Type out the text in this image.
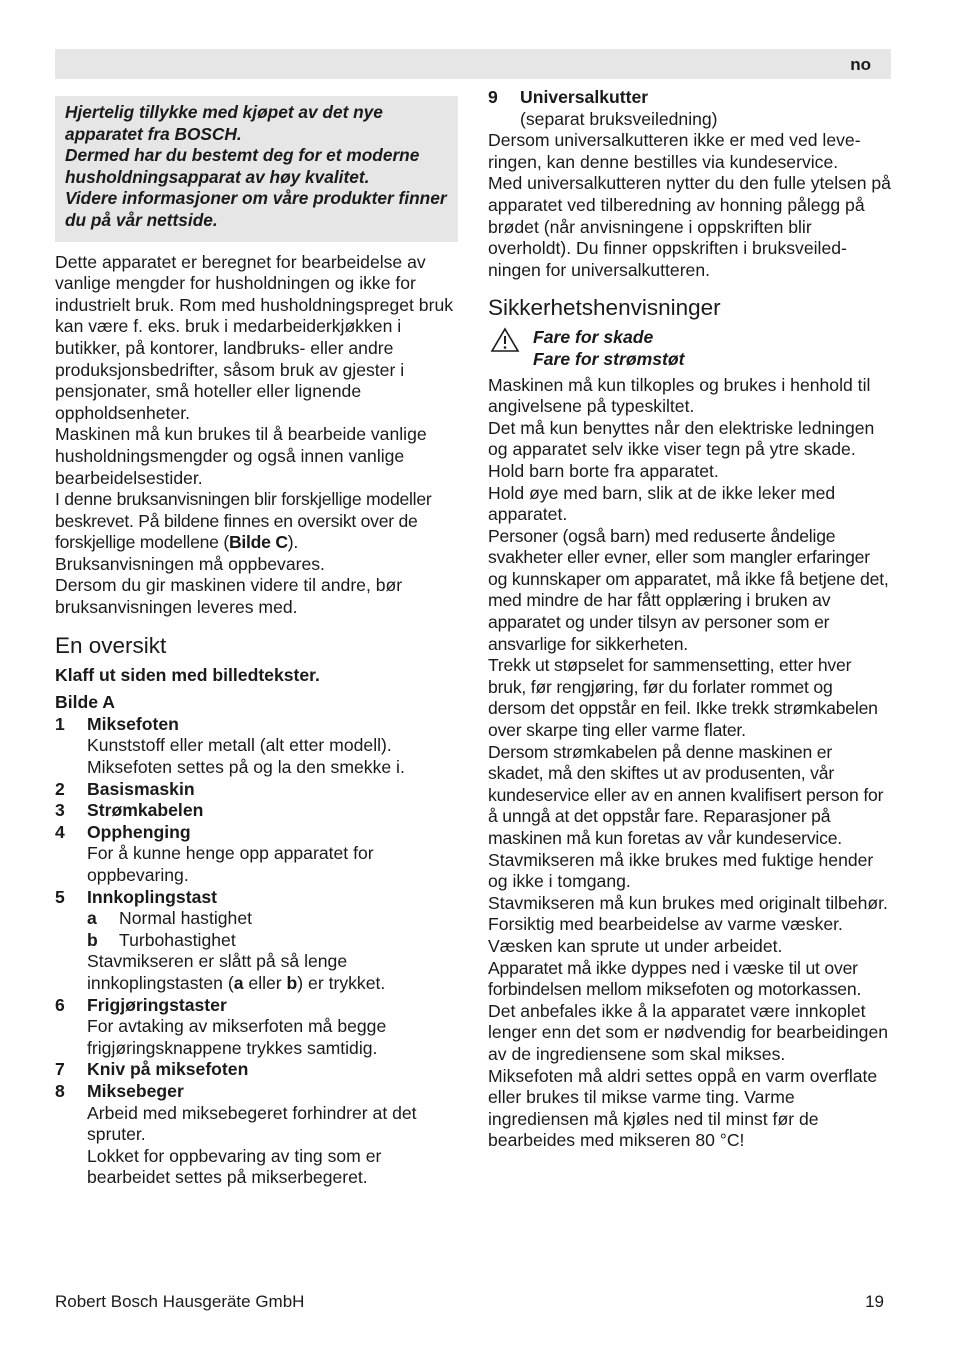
no

Hjertelig tillykke med kjøpet av det nye apparatet fra BOSCH.

Dermed har du bestemt deg for et moderne husholdningsapparat av høy kvalitet.

Videre informasjoner om våre produkter finner du på vår nettside.

Dette apparatet er beregnet for bearbeidelse av vanlige mengder for husholdningen og ikke for industrielt bruk. Rom med husholdningspreget bruk kan være f. eks. bruk i medarbeiderkjøkken i butikker, på kontorer, landbruks- eller andre produksjonsbedrifter, såsom bruk av gjester i pensjonater, små hoteller eller lignende oppholdsenheter.

Maskinen må kun brukes til å bearbeide vanlige husholdningsmengder og også innen vanlige bearbeidelsestider.

I denne bruksanvisningen blir forskjellige modeller beskrevet. På bildene finnes en oversikt over de forskjellige modellene (Bilde C).

Bruksanvisningen må oppbevares.

Dersom du gir maskinen videre til andre, bør bruksanvisningen leveres med.

En oversikt

Klaff ut siden med billedtekster.

Bilde A

1 Miksefoten
Kunststoff eller metall (alt etter modell). Miksefoten settes på og la den smekke i.
2 Basismaskin
3 Strømkabelen
4 Opphenging
For å kunne henge opp apparatet for oppbevaring.
5 Innkoplingstast
a Normal hastighet
b Turbohastighet
Stavmikseren er slått på så lenge innkoplingstasten (a eller b) er trykket.
6 Frigjøringstaster
For avtaking av mikserfoten må begge frigjøringsknappene trykkes samtidig.
7 Kniv på miksefoten
8 Miksebeger
Arbeid med miksebegeret forhindrer at det spruter.
Lokket for oppbevaring av ting som er bearbeidet settes på mikserbegeret.
9 Universalkutter
(separat bruksveiledning)

Dersom universalkutteren ikke er med ved leveringen, kan denne bestilles via kundeservice.

Med universalkutteren nytter du den fulle ytelsen på apparatet ved tilberedning av honning pålegg på brødet (når anvisningene i oppskriften blir overholdt). Du finner oppskriften i bruksveiledningen for universalkutteren.

Sikkerhetshenvisninger
Fare for skade
Fare for strømstøt

Maskinen må kun tilkoples og brukes i henhold til angivelsene på typeskiltet.

Det må kun benyttes når den elektriske ledningen og apparatet selv ikke viser tegn på ytre skade.

Hold barn borte fra apparatet.

Hold øye med barn, slik at de ikke leker med apparatet.

Personer (også barn) med reduserte åndelige svakheter eller evner, eller som mangler erfaringer og kunnskaper om apparatet, må ikke få betjene det, med mindre de har fått opplæring i bruken av apparatet og under tilsyn av personer som er ansvarlige for sikkerheten.

Trekk ut støpselet for sammensetting, etter hver bruk, før rengjøring, før du forlater rommet og dersom det oppstår en feil. Ikke trekk strømkabelen over skarpe ting eller varme flater.

Dersom strømkabelen på denne maskinen er skadet, må den skiftes ut av produsenten, vår kundeservice eller av en annen kvalifisert person for å unngå at det oppstår fare. Reparasjoner på maskinen må kun foretas av vår kundeservice.

Stavmikseren må ikke brukes med fuktige hender og ikke i tomgang.

Stavmikseren må kun brukes med originalt tilbehør. Forsiktig med bearbeidelse av varme væsker. Væsken kan sprute ut under arbeidet.

Apparatet må ikke dyppes ned i væske til ut over forbindelsen mellom miksefoten og motorkassen.

Det anbefales ikke å la apparatet være innkoplet lenger enn det som er nødvendig for bearbeidingen av de ingrediensene som skal mikses.

Miksefoten må aldri settes oppå en varm overflate eller brukes til mikse varme ting. Varme ingrediensen må kjøles ned til minst før de bearbeides med mikseren 80 °C!

Robert Bosch Hausgeräte GmbH	19
